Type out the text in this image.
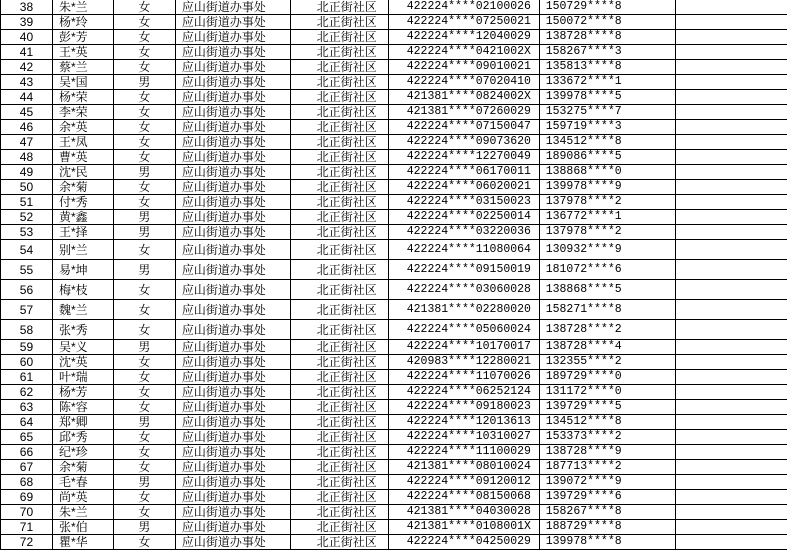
38	朱*兰	女	应山街道办事处	北正街社区	422224****02100026	150729****8	
39	杨*玲	女	应山街道办事处	北正街社区	422224****07250021	150072****8	
40	彭*芳	女	应山街道办事处	北正街社区	422224****12040029	138728****8	
41	王*英	女	应山街道办事处	北正街社区	422224****0421002X	158267****3	
42	蔡*兰	女	应山街道办事处	北正街社区	422224****09010021	135813****8	
43	吴*国	男	应山街道办事处	北正街社区	422224****07020410	133672****1	
44	杨*荣	女	应山街道办事处	北正街社区	421381****0824002X	139978****5	
45	李*荣	女	应山街道办事处	北正街社区	421381****07260029	153275****7	
46	余*英	女	应山街道办事处	北正街社区	422224****07150047	159719****3	
47	王*凤	女	应山街道办事处	北正街社区	422224****09073620	134512****8	
48	曹*英	女	应山街道办事处	北正街社区	422224****12270049	189086****5	
49	沈*民	男	应山街道办事处	北正街社区	422224****06170011	138868****0	
50	余*菊	女	应山街道办事处	北正街社区	422224****06020021	139978****9	
51	付*秀	女	应山街道办事处	北正街社区	422224****03150023	137978****2	
52	黄*鑫	男	应山街道办事处	北正街社区	422224****02250014	136772****1	
53	王*择	男	应山街道办事处	北正街社区	422224****03220036	137978****2	
54	别*兰	女	应山街道办事处	北正街社区	422224****11080064	130932****9	
55	易*坤	男	应山街道办事处	北正街社区	422224****09150019	181072****6	
56	梅*枝	女	应山街道办事处	北正街社区	422224****03060028	138868****5	
57	魏*兰	女	应山街道办事处	北正街社区	421381****02280020	158271****8	
58	张*秀	女	应山街道办事处	北正街社区	422224****05060024	138728****2	
59	吴*义	男	应山街道办事处	北正街社区	422224****10170017	138728****4	
60	沈*英	女	应山街道办事处	北正街社区	420983****12280021	132355****2	
61	叶*瑞	女	应山街道办事处	北正街社区	422224****11070026	189729****0	
62	杨*芳	女	应山街道办事处	北正街社区	422224****06252124	131172****0	
63	陈*容	女	应山街道办事处	北正街社区	422224****09180023	139729****5	
64	郑*卿	男	应山街道办事处	北正街社区	422224****12013613	134512****8	
65	邱*秀	女	应山街道办事处	北正街社区	422224****10310027	153373****2	
66	纪*珍	女	应山街道办事处	北正街社区	422224****11100029	138728****9	
67	余*菊	女	应山街道办事处	北正街社区	421381****08010024	187713****2	
68	毛*春	男	应山街道办事处	北正街社区	422224****09120012	139072****9	
69	尚*英	女	应山街道办事处	北正街社区	422224****08150068	139729****6	
70	朱*兰	女	应山街道办事处	北正街社区	421381****04030028	158267****8	
71	张*伯	男	应山街道办事处	北正街社区	421381****0108001X	188729****8	
72	瞿*华	女	应山街道办事处	北正街社区	422224****04250029	139978****8	
